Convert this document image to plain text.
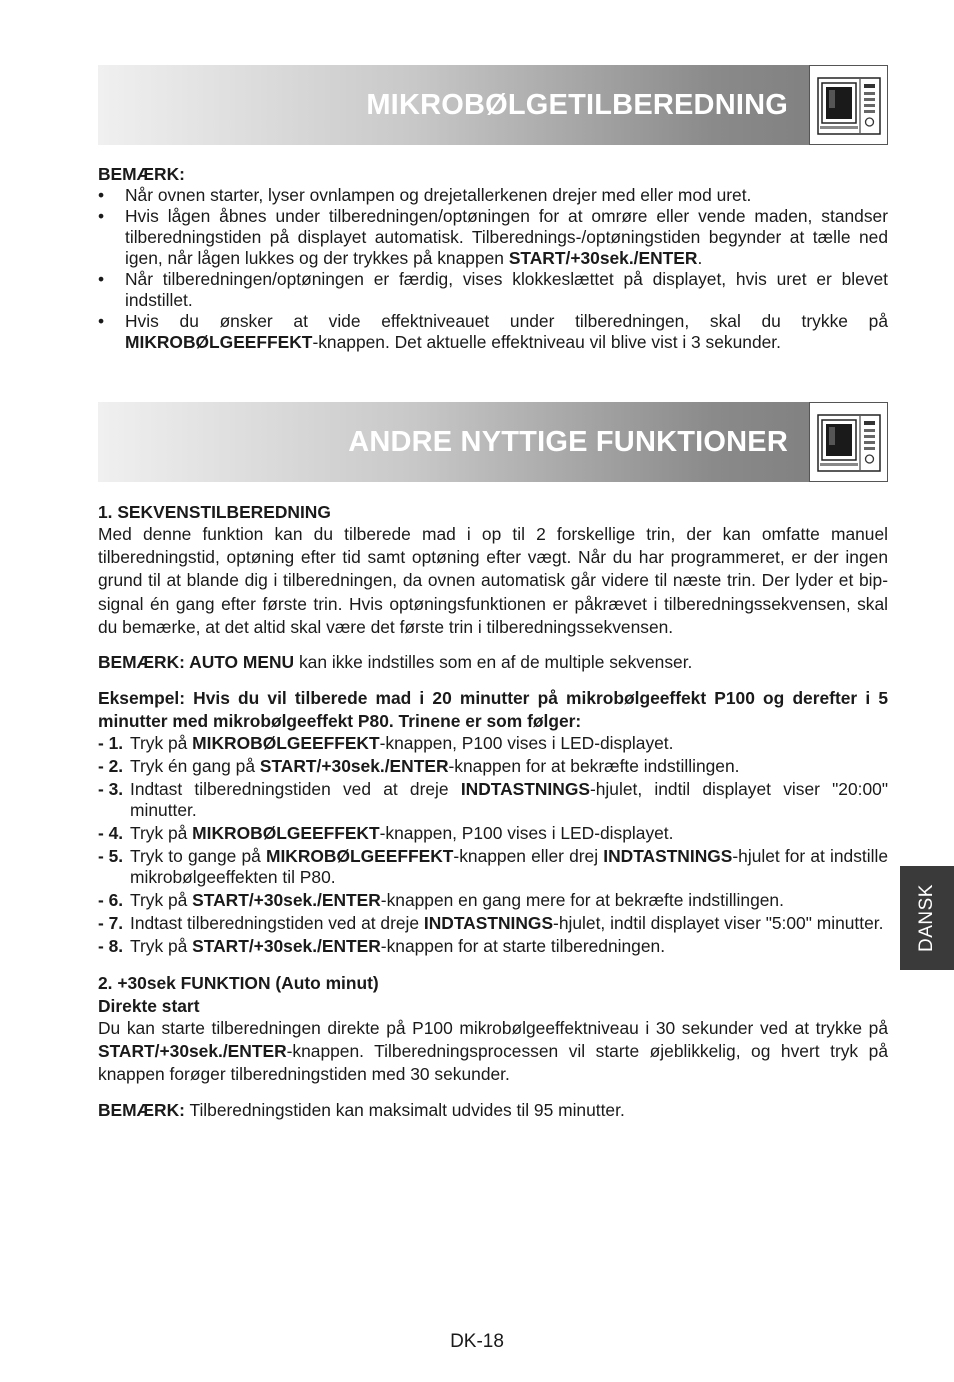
MIKROBØLGETILBEREDNING

BEMÆRK:

• Når ovnen starter, lyser ovnlampen og drejetallerkenen drejer med eller mod uret.
• Hvis lågen åbnes under tilberedningen/optøningen for at omrøre eller vende maden, standser tilberedningstiden på displayet automatisk. Tilberednings-/optøningstiden begynder at tælle ned igen, når lågen lukkes og der trykkes på knappen START/+30sek./ENTER.
• Når tilberedningen/optøningen er færdig, vises klokkeslættet på displayet, hvis uret er blevet indstillet.
• Hvis du ønsker at vide effektniveauet under tilberedningen, skal du trykke på MIKROBØLGEEFFEKT-knappen. Det aktuelle effektniveau vil blive vist i 3 sekunder.
ANDRE NYTTIGE FUNKTIONER

1. SEKVENSTILBEREDNING

Med denne funktion kan du tilberede mad i op til 2 forskellige trin, der kan omfatte manuel tilberedningstid, optøning efter tid samt optøning efter vægt. Når du har programmeret, er der ingen grund til at blande dig i tilberedningen, da ovnen automatisk går videre til næste trin. Der lyder et bip-signal én gang efter første trin. Hvis optøningsfunktionen er påkrævet i tilberedningssekvensen, skal du bemærke, at det altid skal være det første trin i tilberedningssekvensen.

BEMÆRK: AUTO MENU kan ikke indstilles som en af de multiple sekvenser.

Eksempel: Hvis du vil tilberede mad i 20 minutter på mikrobølgeeffekt P100 og derefter i 5 minutter med mikrobølgeeffekt P80. Trinene er som følger:

- 1. Tryk på MIKROBØLGEEFFEKT-knappen, P100 vises i LED-displayet.
- 2. Tryk én gang på START/+30sek./ENTER-knappen for at bekræfte indstillingen.
- 3. Indtast tilberedningstiden ved at dreje INDTASTNINGS-hjulet, indtil displayet viser "20:00" minutter.
- 4. Tryk på MIKROBØLGEEFFEKT-knappen, P100 vises i LED-displayet.
- 5. Tryk to gange på MIKROBØLGEEFFEKT-knappen eller drej INDTASTNINGS-hjulet for at indstille mikrobølgeeffekten til P80.
- 6. Tryk på START/+30sek./ENTER-knappen en gang mere for at bekræfte indstillingen.
- 7. Indtast tilberedningstiden ved at dreje INDTASTNINGS-hjulet, indtil displayet viser "5:00" minutter.
- 8. Tryk på START/+30sek./ENTER-knappen for at starte tilberedningen.

2. +30sek FUNKTION (Auto minut)

Direkte start

Du kan starte tilberedningen direkte på P100 mikrobølgeeffektniveau i 30 sekunder ved at trykke på START/+30sek./ENTER-knappen. Tilberedningsprocessen vil starte øjeblikkelig, og hvert tryk på knappen forøger tilberedningstiden med 30 sekunder.

BEMÆRK: Tilberedningstiden kan maksimalt udvides til 95 minutter.

DANSK
DK-18
